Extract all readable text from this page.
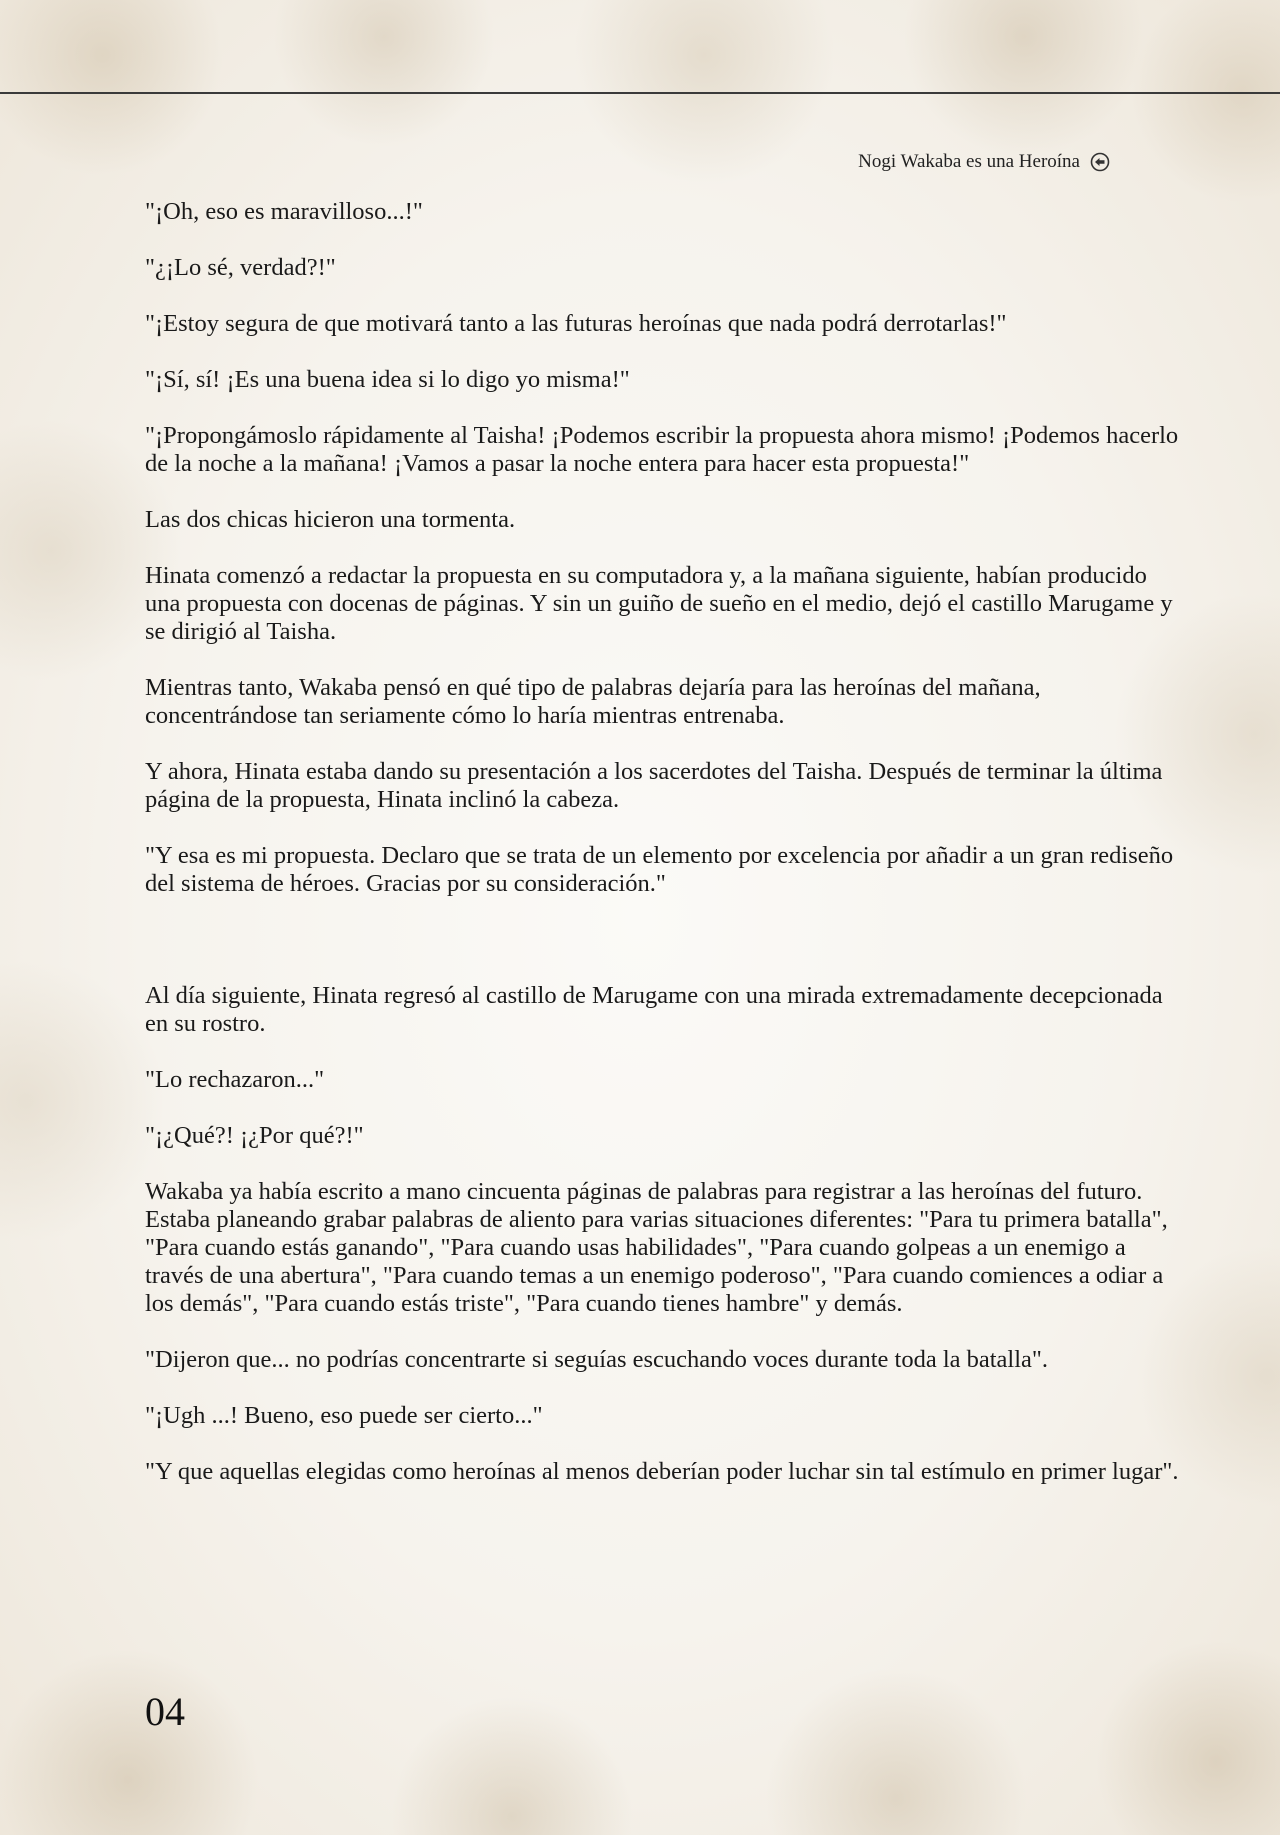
Nogi Wakaba es una Heroína

"¡Oh, eso es maravilloso...!"

"¿¡Lo sé, verdad?!"

"¡Estoy segura de que motivará tanto a las futuras heroínas que nada podrá derrotarlas!"

"¡Sí, sí! ¡Es una buena idea si lo digo yo misma!"

"¡Propongámoslo rápidamente al Taisha! ¡Podemos escribir la propuesta ahora mismo! ¡Podemos hacerlo de la noche a la mañana! ¡Vamos a pasar la noche entera para hacer esta propuesta!"

Las dos chicas hicieron una tormenta.

Hinata comenzó a redactar la propuesta en su computadora y, a la mañana siguiente, habían producido una propuesta con docenas de páginas. Y sin un guiño de sueño en el medio, dejó el castillo Marugame y se dirigió al Taisha.

Mientras tanto, Wakaba pensó en qué tipo de palabras dejaría para las heroínas del mañana, concentrándose tan seriamente cómo lo haría mientras entrenaba.

Y ahora, Hinata estaba dando su presentación a los sacerdotes del Taisha. Después de terminar la última página de la propuesta, Hinata inclinó la cabeza.

"Y esa es mi propuesta. Declaro que se trata de un elemento por excelencia por añadir a un gran rediseño del sistema de héroes. Gracias por su consideración."

Al día siguiente, Hinata regresó al castillo de Marugame con una mirada extremadamente decepcionada en su rostro.

"Lo rechazaron..."

"¡¿Qué?! ¡¿Por qué?!"

Wakaba ya había escrito a mano cincuenta páginas de palabras para registrar a las heroínas del futuro. Estaba planeando grabar palabras de aliento para varias situaciones diferentes: "Para tu primera batalla", "Para cuando estás ganando", "Para cuando usas habilidades", "Para cuando golpeas a un enemigo a través de una abertura", "Para cuando temas a un enemigo poderoso", "Para cuando comiences a odiar a los demás", "Para cuando estás triste", "Para cuando tienes hambre" y demás.

"Dijeron que... no podrías concentrarte si seguías escuchando voces durante toda la batalla".

"¡Ugh ...! Bueno, eso puede ser cierto..."

"Y que aquellas elegidas como heroínas al menos deberían poder luchar sin tal estímulo en primer lugar".

04
